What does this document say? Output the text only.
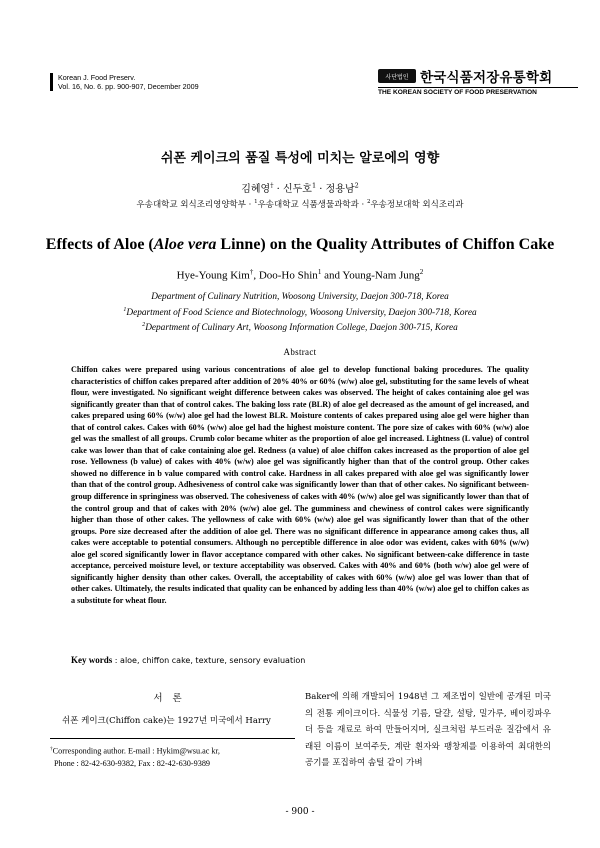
Korean J. Food Preserv.
Vol. 16, No. 6. pp. 900-907, December 2009
사단법인 한국식품저장유통학회
THE KOREAN SOCIETY OF FOOD PRESERVATION
쉬폰 케이크의 품질 특성에 미치는 알로에의 영향
김혜영† · 신두호$^1$ · 정용남$^2$
우송대학교 외식조리영양학부 · $^1$우송대학교 식품생물과학과 · $^2$우송정보대학 외식조리과
Effects of Aloe (Aloe vera Linne) on the Quality Attributes of Chiffon Cake
Hye-Young Kim†, Doo-Ho Shin$^1$ and Young-Nam Jung$^2$
Department of Culinary Nutrition, Woosong University, Daejon 300-718, Korea
$^1$Department of Food Science and Biotechnology, Woosong University, Daejon 300-718, Korea
$^2$Department of Culinary Art, Woosong Information College, Daejon 300-715, Korea
Abstract
Chiffon cakes were prepared using various concentrations of aloe gel to develop functional baking procedures. The quality characteristics of chiffon cakes prepared after addition of 20% 40% or 60% (w/w) aloe gel, substituting for the same levels of wheat flour, were investigated. No significant weight difference between cakes was observed. The height of cakes containing aloe gel was significantly greater than that of control cakes. The baking loss rate (BLR) of aloe gel decreased as the amount of gel increased, and cakes prepared using 60% (w/w) aloe gel had the lowest BLR. Moisture contents of cakes prepared using aloe gel were higher than that of control cakes. Cakes with 60% (w/w) aloe gel had the highest moisture content. The pore size of cakes with 60% (w/w) aloe gel was the smallest of all groups. Crumb color became whiter as the proportion of aloe gel increased. Lightness (L value) of control cake was lower than that of cake containing aloe gel. Redness (a value) of aloe chiffon cakes increased as the proportion of aloe gel rose. Yellowness (b value) of cakes with 40% (w/w) aloe gel was significantly higher than that of the control group. Other cakes showed no difference in b value compared with control cake. Hardness in all cakes prepared with aloe gel was significantly lower than that of the control group. Adhesiveness of control cake was significantly lower than that of other cakes. No significant between-group difference in springiness was observed. The cohesiveness of cakes with 40% (w/w) aloe gel was significantly lower than that of the control group and that of cakes with 20% (w/w) aloe gel. The gumminess and chewiness of control cakes were significantly higher than those of other cakes. The yellowness of cake with 60% (w/w) aloe gel was significantly lower than that of the other groups. Pore size decreased after the addition of aloe gel. There was no significant difference in appearance among cakes thus, all cakes were acceptable to potential consumers. Although no perceptible difference in aloe odor was evident, cakes with 60% (w/w) aloe gel scored significantly lower in flavor acceptance compared with other cakes. No significant between-cake difference in taste acceptance, perceived moisture level, or texture acceptability was observed. Cakes with 40% and 60% (both w/w) aloe gel were of significantly higher density than other cakes. Overall, the acceptability of cakes with 60% (w/w) aloe gel was lower than that of other cakes. Ultimately, the results indicated that quality can be enhanced by adding less than 40% (w/w) aloe gel to chiffon cakes as a substitute for wheat flour.
Key words : aloe, chiffon cake, texture, sensory evaluation
서론
쉬폰 케이크(Chiffon cake)는 1927년 미국에서 Harry
†Corresponding author. E-mail : Hykim@wsu.ac kr,
Phone : 82-42-630-9382, Fax : 82-42-630-9389
Baker에 의해 개발되어 1948년 그 제조법이 일반에 공개된 미국의 전통 케이크이다. 식물성 기름, 달걀, 설탕, 밀가루, 베이킹파우더 등을 재료로 하여 만들어지며, 실크처럼 부드러운 질감에서 유래된 이름이 보여주듯, 계란 흰자와 팽창제를 이용하여 최대한의 공기를 포집하여 솜털 같이 가벼
- 900 -
